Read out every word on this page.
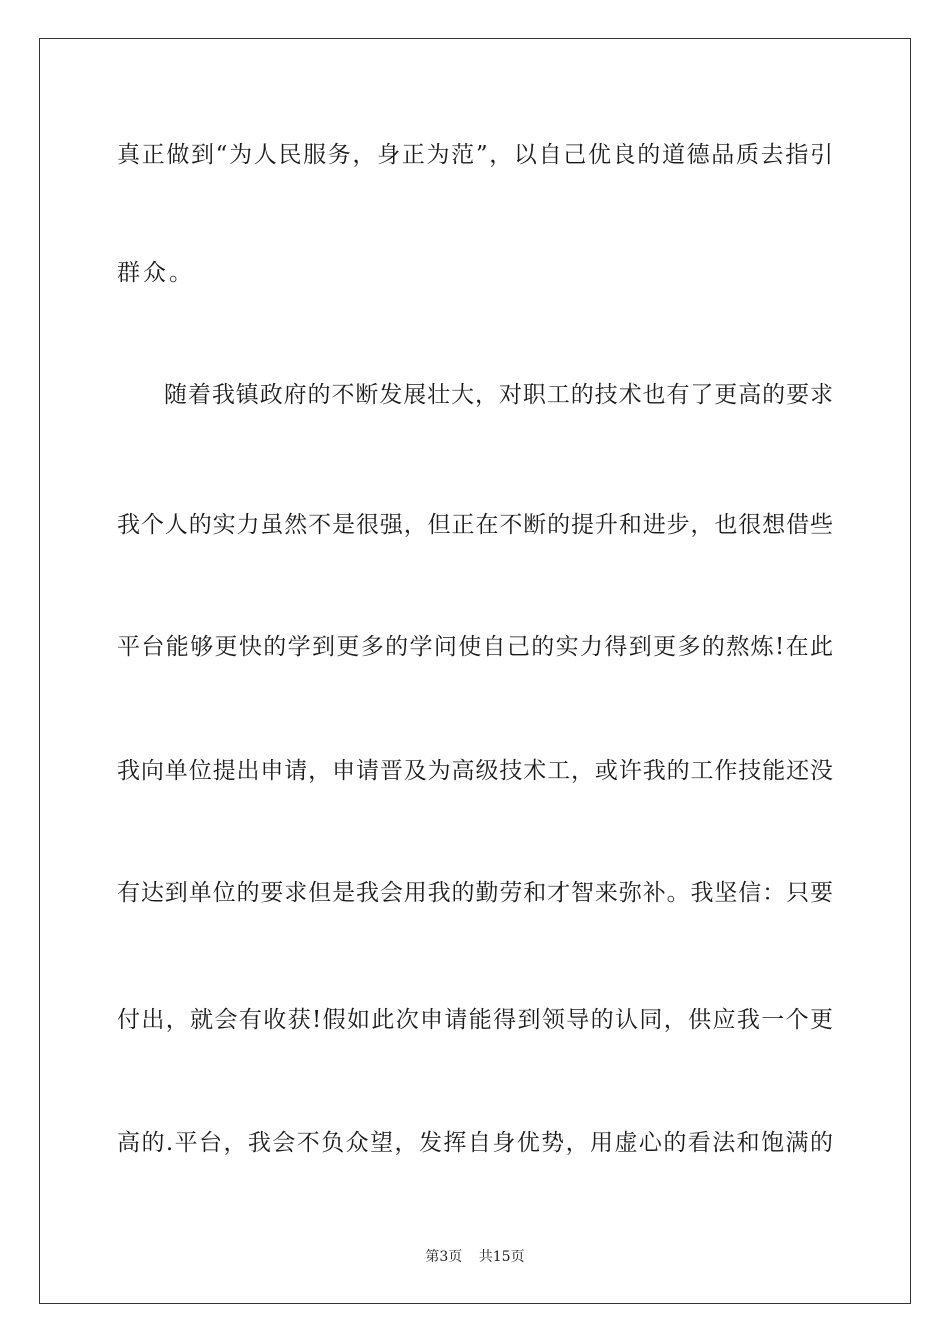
真正做到“为人民服务，身正为范”，以自己优良的道德品质去指引
群众。
随着我镇政府的不断发展壮大，对职工的技术也有了更高的要求
我个人的实力虽然不是很强，但正在不断的提升和进步，也很想借些
平台能够更快的学到更多的学问使自己的实力得到更多的熬炼!在此
我向单位提出申请，申请晋及为高级技术工，或许我的工作技能还没
有达到单位的要求但是我会用我的勤劳和才智来弥补。我坚信：只要
付出，就会有收获!假如此次申请能得到领导的认同，供应我一个更
高的.平台，我会不负众望，发挥自身优势，用虚心的看法和饱满的
第3页 共15页
